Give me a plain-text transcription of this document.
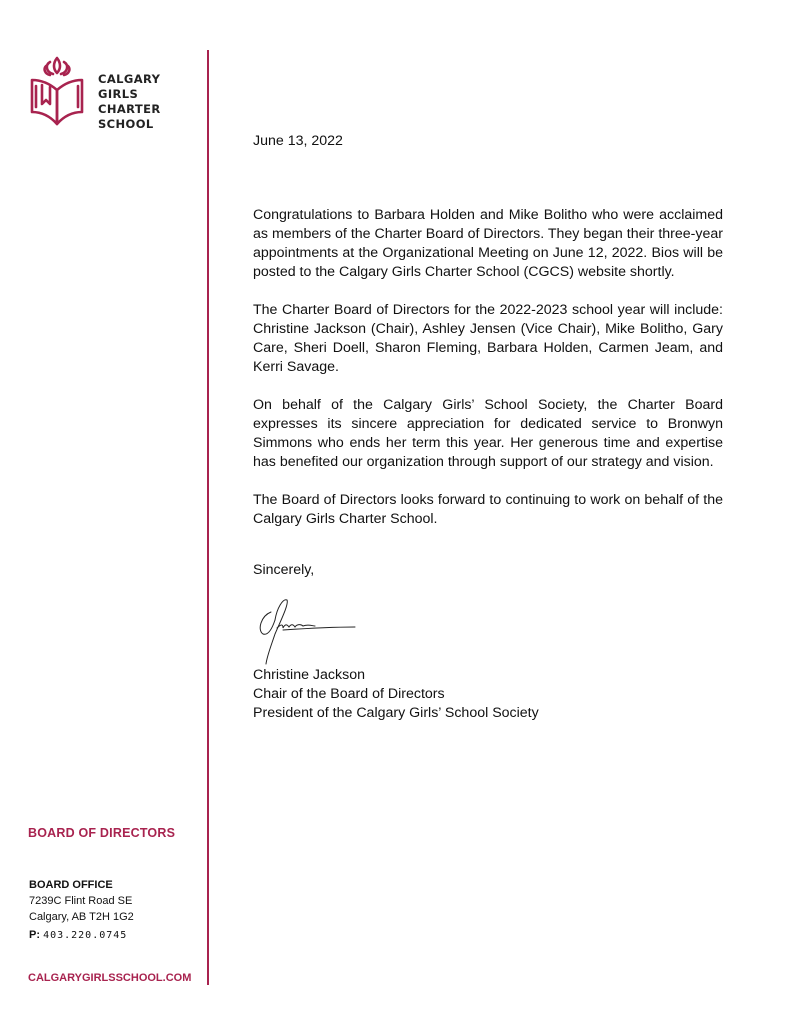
CALGARY
GIRLS
CHARTER
SCHOOL
June 13, 2022

Congratulations to Barbara Holden and Mike Bolitho who were acclaimed as members of the Charter Board of Directors. They began their three-year appointments at the Organizational Meeting on June 12, 2022. Bios will be posted to the Calgary Girls Charter School (CGCS) website shortly.

The Charter Board of Directors for the 2022-2023 school year will include: Christine Jackson (Chair), Ashley Jensen (Vice Chair), Mike Bolitho, Gary Care, Sheri Doell, Sharon Fleming, Barbara Holden, Carmen Jeam, and Kerri Savage.

On behalf of the Calgary Girls’ School Society, the Charter Board expresses its sincere appreciation for dedicated service to Bronwyn Simmons who ends her term this year. Her generous time and expertise has benefited our organization through support of our strategy and vision.

The Board of Directors looks forward to continuing to work on behalf of the Calgary Girls Charter School.

Sincerely,
Christine Jackson
Chair of the Board of Directors
President of the Calgary Girls’ School Society
BOARD OF DIRECTORS
BOARD OFFICE
7239C Flint Road SE
Calgary, AB T2H 1G2
P: 403.220.0745
CALGARYGIRLSSCHOOL.COM
